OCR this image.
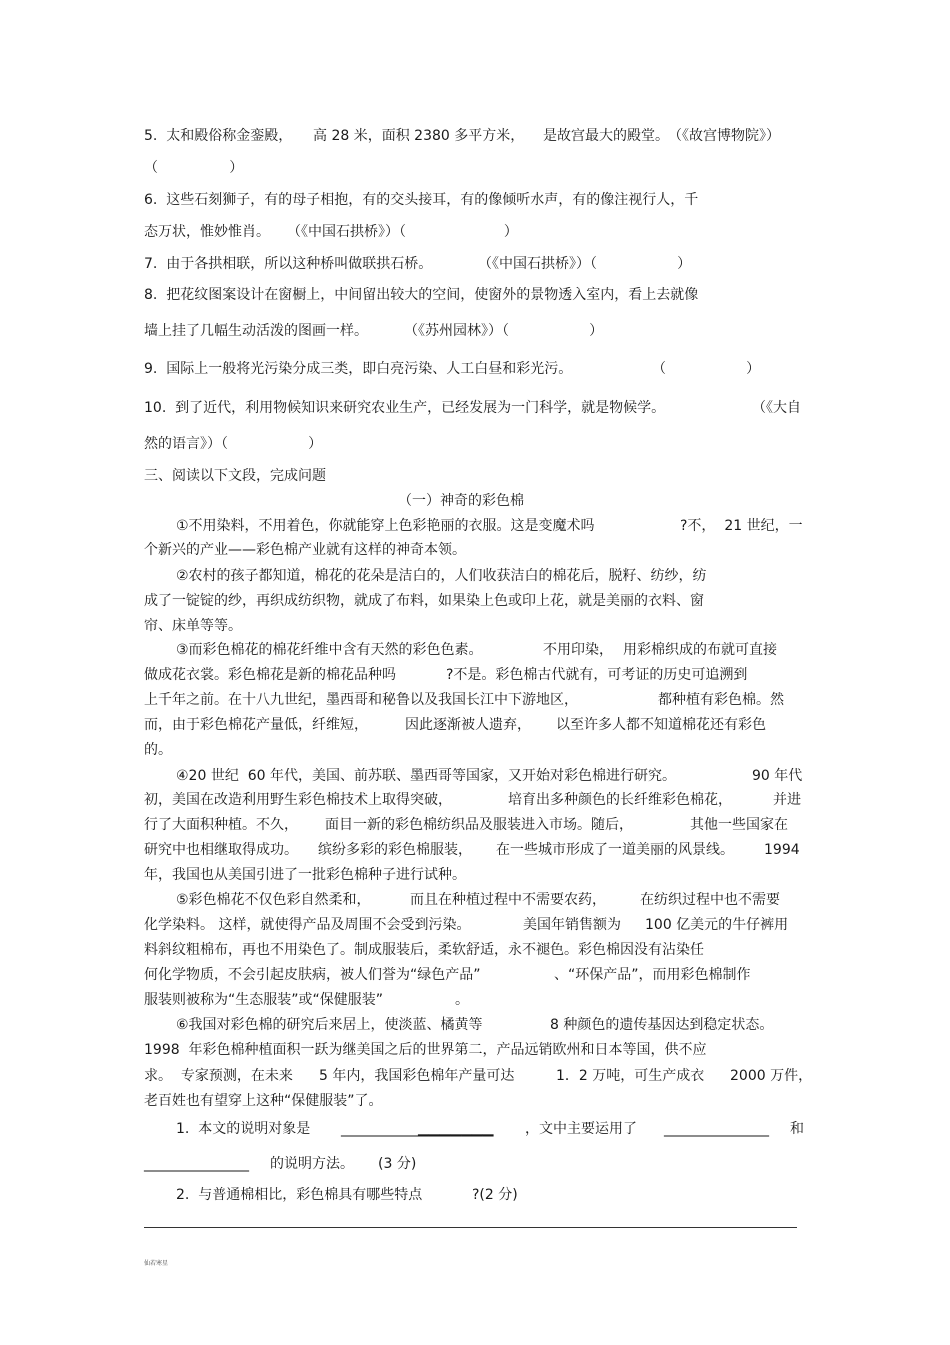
5.  太和殿俗称金銮殿， 高 28 米，面积 2380 多平方米， 是故宫最大的殿堂。 （《故宫博物院》）
（                ）
6.  这些石刻狮子，有的母子相抱，有的交头接耳，有的像倾听水声，有的像注视行人，千
态万状，惟妙惟肖。 （《中国石拱桥》）（                      ）
7.  由于各拱相联，所以这种桥叫做联拱石桥。	（《中国石拱桥》）（                  ）
8.  把花纹图案设计在窗橱上，中间留出较大的空间，使窗外的景物透入室内，看上去就像
墙上挂了几幅生动活泼的图画一样。	（《苏州园林》）（                  ）
9.  国际上一般将光污染分成三类，即白亮污染、人工白昼和彩光污。	（                  ）
10.  到了近代，利用物候知识来研究农业生产，已经发展为一门科学，就是物候学。	（《大自
然的语言》）（                  ）
三、阅读以下文段，完成问题
（一）神奇的彩色棉
①不用染料，不用着色，你就能穿上色彩艳丽的衣服。这是变魔术吗	?不，  21 世纪，一
个新兴的产业——彩色棉产业就有这样的神奇本领。
②农村的孩子都知道，棉花的花朵是洁白的，人们收获洁白的棉花后，脱籽、纺纱，纺
成了一锭锭的纱，再织成纺织物，就成了布料，如果染上色或印上花，就是美丽的衣料、窗
帘、床单等等。
③而彩色棉花的棉花纤维中含有天然的彩色色素。	不用印染， 用彩棉织成的布就可直接
做成花衣裳。彩色棉花是新的棉花品种吗	?不是。彩色棉古代就有，可考证的历史可追溯到
上千年之前。在十八九世纪，墨西哥和秘鲁以及我国长江中下游地区，	都种植有彩色棉。然
而，由于彩色棉花产量低，纤维短，	因此逐渐被人遗弃， 以至许多人都不知道棉花还有彩色
的。
④20 世纪  60 年代，美国、前苏联、墨西哥等国家，又开始对彩色棉进行研究。	90 年代
初，美国在改造利用野生彩色棉技术上取得突破，	培育出多种颜色的长纤维彩色棉花，	并进
行了大面积种植。不久， 面目一新的彩色棉纺织品及服装进入市场。随后，	其他一些国家在
研究中也相继取得成功。 缤纷多彩的彩色棉服装， 在一些城市形成了一道美丽的风景线。 1994
年，我国也从美国引进了一批彩色棉种子进行试种。
⑤彩色棉花不仅色彩自然柔和，	而且在种植过程中不需要农药， 在纺织过程中也不需要
化学染料。 这样，就使得产品及周围不会受到污染。	美国年销售额为 100 亿美元的牛仔裤用
料斜纹粗棉布，再也不用染色了。制成服装后，柔软舒适，永不褪色。彩色棉因没有沾染任
何化学物质，不会引起皮肤病，被人们誉为“绿色产品”	、“环保产品”，而用彩色棉制作
服装则被称为“生态服装”或“保健服装”	。
⑥我国对彩色棉的研究后来居上，使淡蓝、橘黄等	8 种颜色的遗传基因达到稳定状态。
1998  年彩色棉种植面积一跃为继美国之后的世界第二，产品远销欧州和日本等国，供不应
求。  专家预测，在未来 5 年内，我国彩色棉年产量可达	1．2 万吨，可生产成衣 2000 万件，
老百姓也有望穿上这种“保健服装”了。
1.  本文的说明对象是 ___________▁▁▁▁▁▁▁ ，文中主要运用了 _______________ 和
_______________ 的说明方法。 (3 分)
2.  与普通棉相比，彩色棉具有哪些特点	?(2 分)
仙若寒星
